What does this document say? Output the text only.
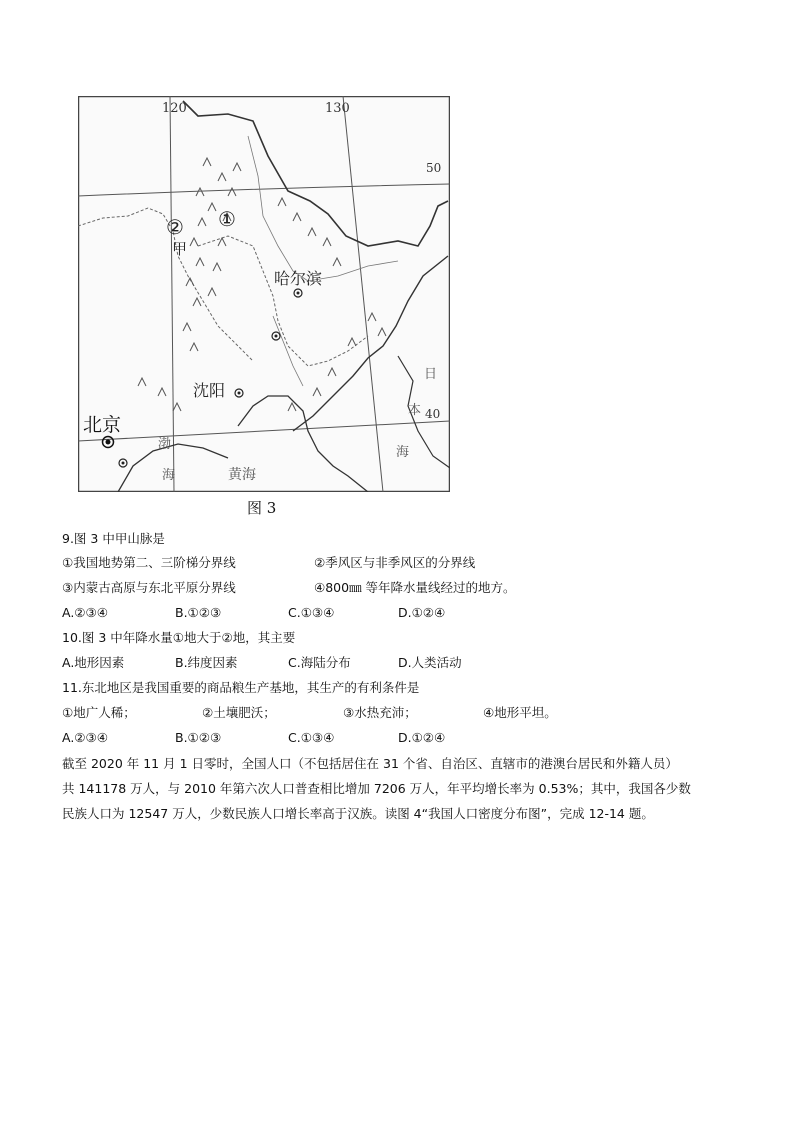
120	130
50
40
①
②
甲
哈尔滨
沈阳
北京
渤
海	黄海
日
本
海
图 3
9.图 3 中甲山脉是
①我国地势第二、三阶梯分界线	②季风区与非季风区的分界线
③内蒙古高原与东北平原分界线	④800㎜ 等年降水量线经过的地方。
A.②③④	B.①②③	C.①③④	D.①②④
10.图 3 中年降水量①地大于②地，其主要
A.地形因素	B.纬度因素	C.海陆分布	D.人类活动
11.东北地区是我国重要的商品粮生产基地，其生产的有利条件是
①地广人稀；	②土壤肥沃；	③水热充沛；	④地形平坦。
A.②③④	B.①②③	C.①③④	D.①②④
截至 2020 年 11 月 1 日零时，全国人口（不包括居住在 31 个省、自治区、直辖市的港澳台居民和外籍人员）
共 141178 万人，与 2010 年第六次人口普查相比增加 7206 万人，年平均增长率为 0.53%；其中，我国各少数
民族人口为 12547 万人，少数民族人口增长率高于汉族。读图 4“我国人口密度分布图”，完成 12-14 题。
